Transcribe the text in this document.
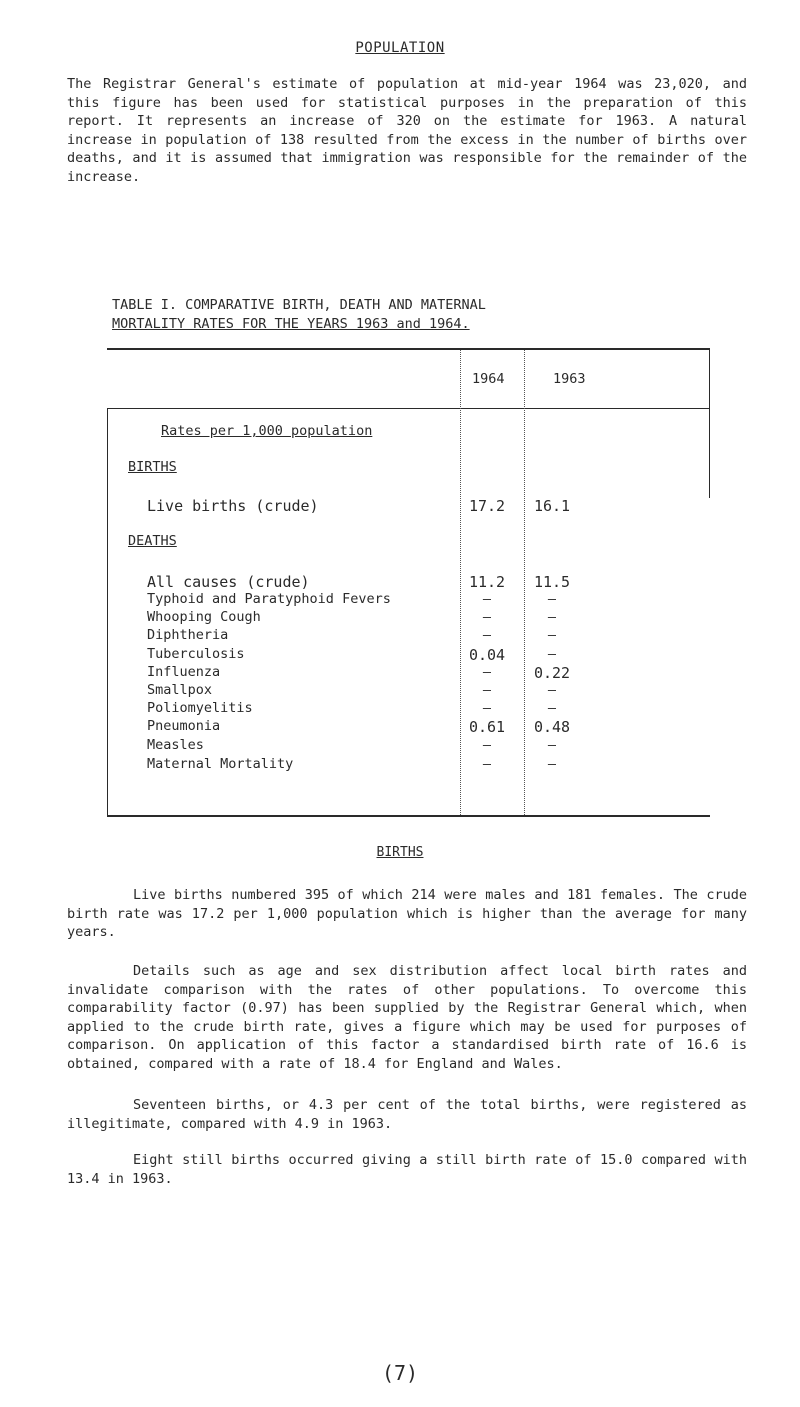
POPULATION

The Registrar General's estimate of population at mid-year 1964 was 23,020, and this figure has been used for statistical purposes in the preparation of this report. It represents an increase of 320 on the estimate for 1963. A natural increase in population of 138 resulted from the excess in the number of births over deaths, and it is assumed that immigration was responsible for the remainder of the increase.

TABLE I. COMPARATIVE BIRTH, DEATH AND MATERNAL
MORTALITY RATES FOR THE YEARS 1963 and 1964.
1964	1963
Rates per 1,000 population
BIRTHS
Live births (crude)	17.2	16.1
DEATHS
All causes (crude)	11.2	11.5
Typhoid and Paratyphoid Fevers	–	–
Whooping Cough	–	–
Diphtheria	–	–
Tuberculosis	0.04	–
Influenza	–	0.22
Smallpox	–	–
Poliomyelitis	–	–
Pneumonia	0.61	0.48
Measles	–	–
Maternal Mortality	–	–
BIRTHS

Live births numbered 395 of which 214 were males and 181 females. The crude birth rate was 17.2 per 1,000 population which is higher than the average for many years.

Details such as age and sex distribution affect local birth rates and invalidate comparison with the rates of other populations. To overcome this comparability factor (0.97) has been supplied by the Registrar General which, when applied to the crude birth rate, gives a figure which may be used for purposes of comparison. On application of this factor a standardised birth rate of 16.6 is obtained, compared with a rate of 18.4 for England and Wales.

Seventeen births, or 4.3 per cent of the total births, were registered as illegitimate, compared with 4.9 in 1963.

Eight still births occurred giving a still birth rate of 15.0 compared with 13.4 in 1963.

(7)
